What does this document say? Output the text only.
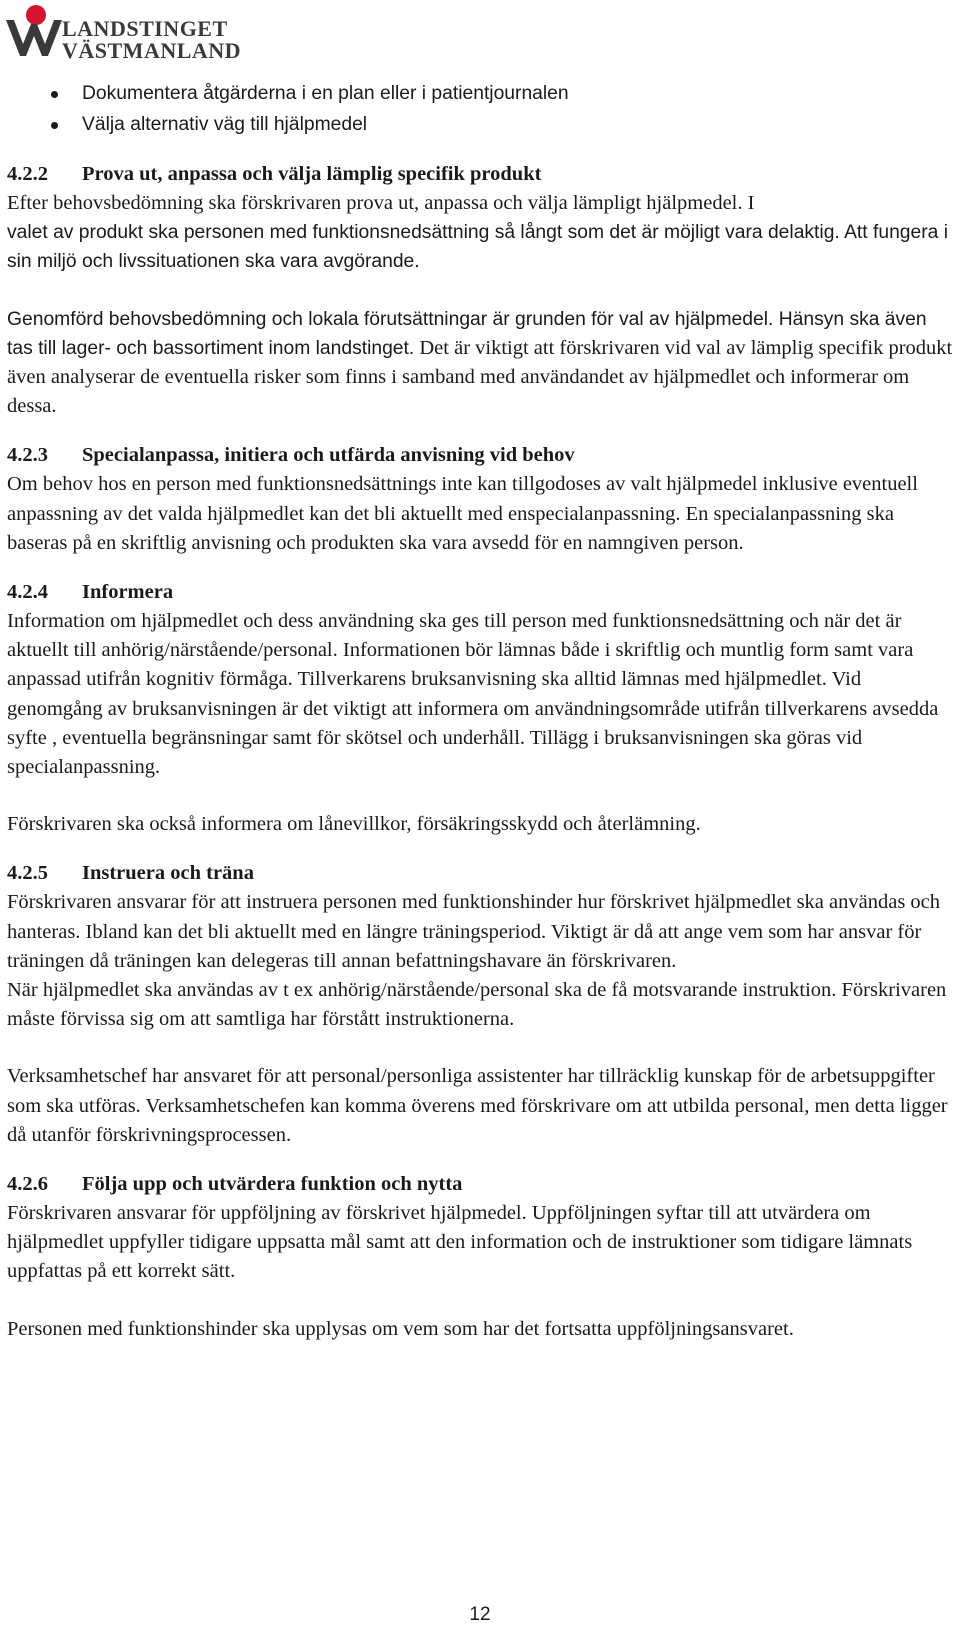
LANDSTINGET
VÄSTMANLAND
Dokumentera åtgärderna i en plan eller i patientjournalen
Välja alternativ väg till hjälpmedel
4.2.2	Prova ut, anpassa och välja lämplig specifik produkt

Efter behovsbedömning ska förskrivaren prova ut, anpassa och välja lämpligt hjälpmedel. I

valet av produkt ska personen med funktionsnedsättning så långt som det är möjligt vara delaktig. Att fungera i sin miljö och livssituationen ska vara avgörande.

Genomförd behovsbedömning och lokala förutsättningar är grunden för val av hjälpmedel. Hänsyn ska även tas till lager- och bassortiment inom landstinget. Det är viktigt att förskrivaren vid val av lämplig specifik produkt även analyserar de eventuella risker som finns i samband med användandet av hjälpmedlet och informerar om dessa.

4.2.3	Specialanpassa, initiera och utfärda anvisning vid behov

Om behov hos en person med funktionsnedsättnings inte kan tillgodoses av valt hjälpmedel inklusive eventuell anpassning av det valda hjälpmedlet kan det bli aktuellt med enspecialanpassning. En specialanpassning ska baseras på en skriftlig anvisning och produkten ska vara avsedd för en namngiven person.

4.2.4	Informera

Information om hjälpmedlet och dess användning ska ges till person med funktionsnedsättning och när det är aktuellt till anhörig/närstående/personal. Informationen bör lämnas både i skriftlig och muntlig form samt vara anpassad utifrån kognitiv förmåga. Tillverkarens bruksanvisning ska alltid lämnas med hjälpmedlet. Vid genomgång av bruksanvisningen är det viktigt att informera om användningsområde utifrån tillverkarens avsedda syfte , eventuella begränsningar samt för skötsel och underhåll. Tillägg i bruksanvisningen ska göras vid specialanpassning.

Förskrivaren ska också informera om lånevillkor, försäkringsskydd och återlämning.

4.2.5	Instruera och träna

Förskrivaren ansvarar för att instruera personen med funktionshinder hur förskrivet hjälpmedlet ska användas och hanteras. Ibland kan det bli aktuellt med en längre träningsperiod. Viktigt är då att ange vem som har ansvar för träningen då träningen kan delegeras till annan befattningshavare än förskrivaren.

När hjälpmedlet ska användas av t ex anhörig/närstående/personal ska de få motsvarande instruktion. Förskrivaren måste förvissa sig om att samtliga har förstått instruktionerna.

Verksamhetschef har ansvaret för att personal/personliga assistenter har tillräcklig kunskap för de arbetsuppgifter som ska utföras. Verksamhetschefen kan komma överens med förskrivare om att utbilda personal, men detta ligger då utanför förskrivningsprocessen.

4.2.6	Följa upp och utvärdera funktion och nytta

Förskrivaren ansvarar för uppföljning av förskrivet hjälpmedel. Uppföljningen syftar till att utvärdera om hjälpmedlet uppfyller tidigare uppsatta mål samt att den information och de instruktioner som tidigare lämnats uppfattas på ett korrekt sätt.

Personen med funktionshinder ska upplysas om vem som har det fortsatta uppföljningsansvaret.

12
